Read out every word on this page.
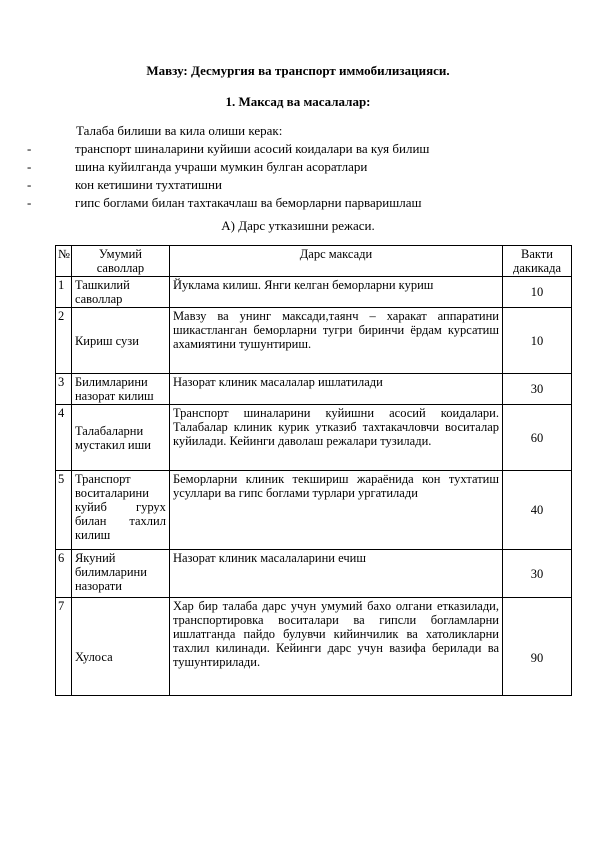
Мавзу: Десмургия ва транспорт иммобилизацияси.
1. Максад ва масалалар:
Талаба билиши ва кила олиши керак:
-	транспорт шиналарини куйиши асосий коидалари ва куя билиш
-	шина куйилганда учраши мумкин булган асоратлари
-	кон кетишини тухтатишни
-	гипс боглами билан тахтакачлаш ва беморларни парваришлаш
А) Дарс утказишни режаси.
№	Умумий саволлар	Дарс максади	Вакти дакикада
1	Ташкилий саволлар	Йуклама килиш. Янги келган беморларни куриш	10
2	Кириш сузи	Мавзу ва унинг максади,таянч – харакат аппаратини шикастланган беморларни тугри биринчи ёрдам курсатиш ахамиятини тушунтириш.	10
3	Билимларини назорат килиш	Назорат клиник масалалар ишлатилади	30
4	Талабаларни мустакил иши	Транспорт шиналарини куйишни асосий коидалари. Талабалар клиник курик утказиб тахтакачловчи воситалар куйилади. Кейинги даволаш режалари тузилади.	60
5	Транспорт воситаларини куйиб гурух билан тахлил килиш	Беморларни клиник текшириш жараёнида кон тухтатиш усуллари ва гипс боглами турлари ургатилади	40
6	Якуний билимларини назорати	Назорат клиник масалаларини ечиш	30
7	Хулоса	Хар бир талаба дарс учун умумий бахо олгани етказилади, транспортировка воситалари ва гипсли богламларни ишлатганда пайдо булувчи кийинчилик ва хатоликларни тахлил килинади. Кейинги дарс учун вазифа берилади ва тушунтирилади.	90
